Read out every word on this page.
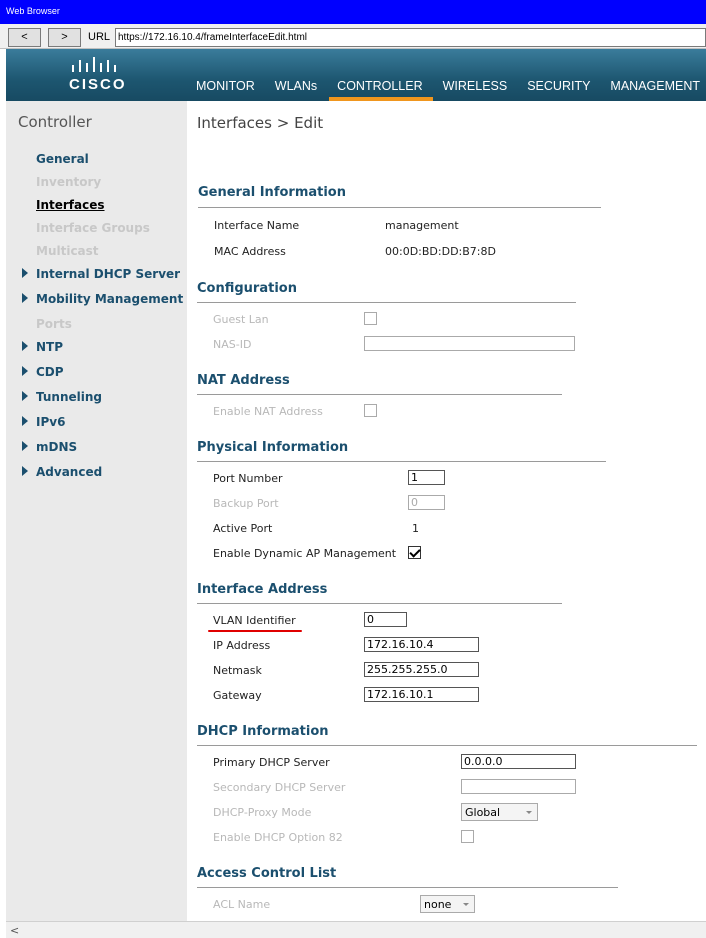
Web Browser
<	>	URL https://172.16.10.4/frameInterfaceEdit.html
CISCO	MONITOR WLANs	CONTROLLER	WIRELESS SECURITY MANAGEMENT
Controller
General
Inventory
Interfaces
Interface Groups
Multicast
Internal DHCP Server
Mobility Management
Ports
NTP
CDP
Tunneling
IPv6
mDNS
Advanced
Interfaces > Edit
General Information
Interface Name	management
MAC Address	00:0D:BD:DD:B7:8D
Configuration
Guest Lan
NAS-ID
NAT Address
Enable NAT Address
Physical Information
Port Number	1
Backup Port	0
Active Port	1
Enable Dynamic AP Management
Interface Address
VLAN Identifier	0
IP Address	172.16.10.4
Netmask	255.255.255.0
Gateway	172.16.10.1
DHCP Information
Primary DHCP Server	0.0.0.0
Secondary DHCP Server
DHCP-Proxy Mode	Global
Enable DHCP Option 82
Access Control List
ACL Name	none
<
